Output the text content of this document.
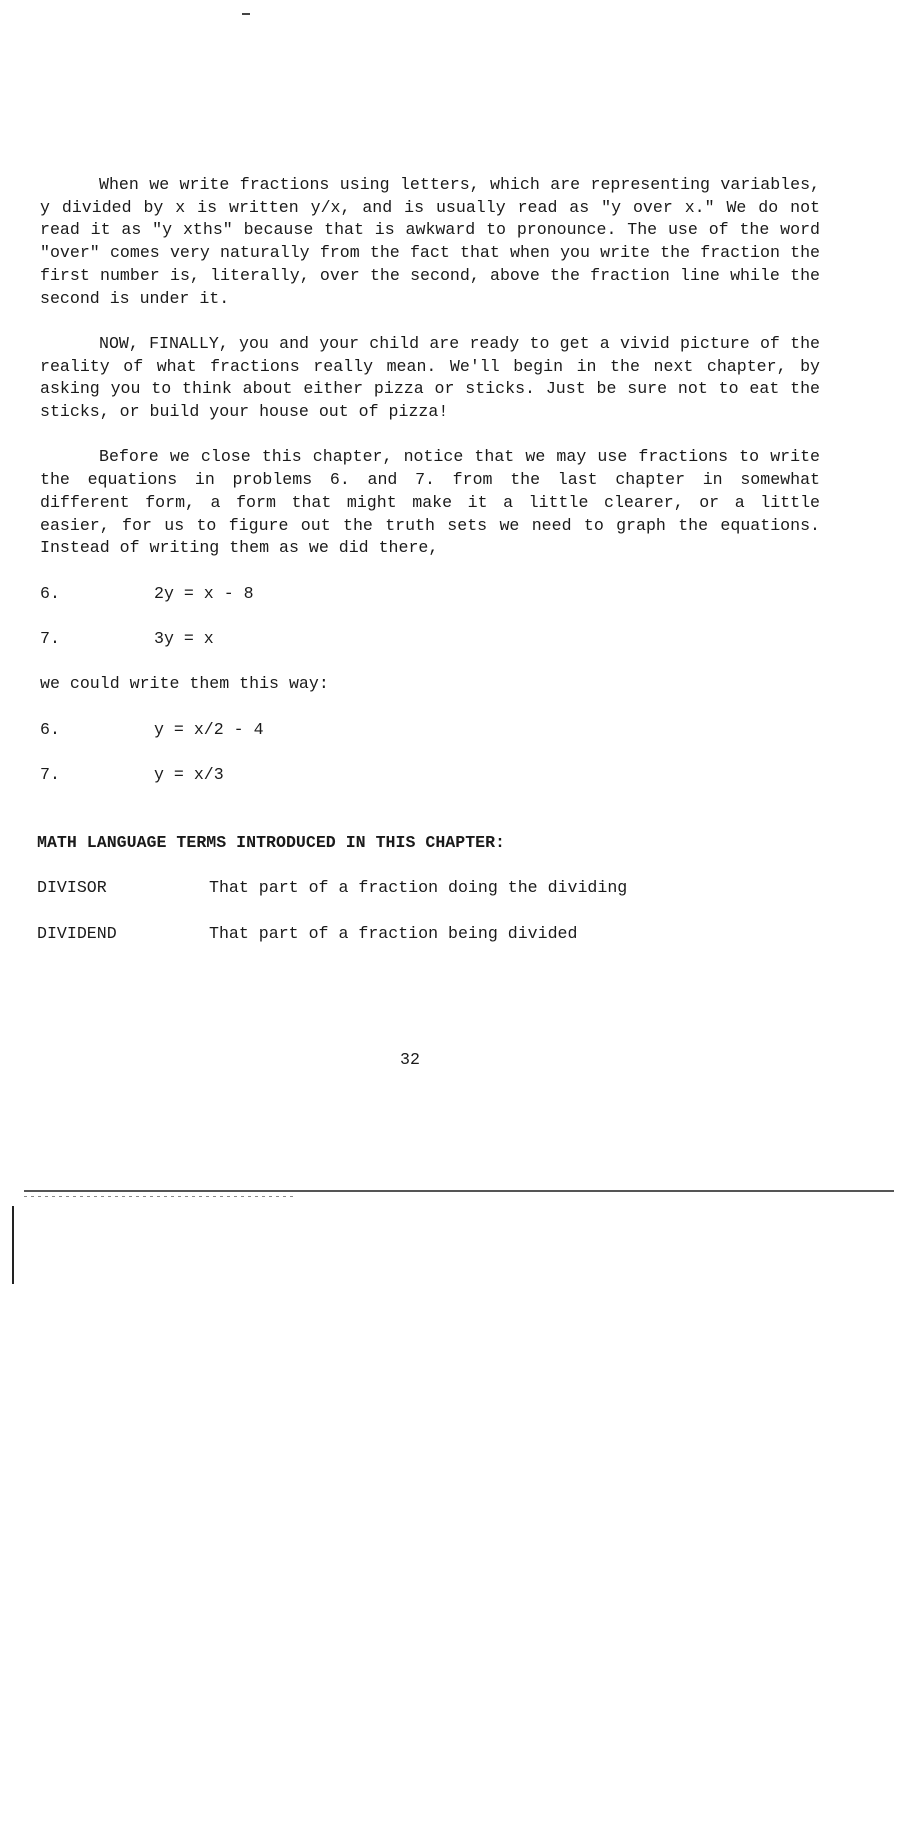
When we write fractions using letters, which are representing variables, y divided by x is written y/x, and is usually read as "y over x." We do not read it as "y xths" because that is awkward to pronounce. The use of the word "over" comes very naturally from the fact that when you write the fraction the first number is, literally, over the second, above the fraction line while the second is under it.

NOW, FINALLY, you and your child are ready to get a vivid picture of the reality of what fractions really mean. We'll begin in the next chapter, by asking you to think about either pizza or sticks. Just be sure not to eat the sticks, or build your house out of pizza!

Before we close this chapter, notice that we may use fractions to write the equations in problems 6. and 7. from the last chapter in somewhat different form, a form that might make it a little clearer, or a little easier, for us to figure out the truth sets we need to graph the equations. Instead of writing them as we did there,

6.	2y = x - 8
7.	3y = x
we could write them this way:
6.	y = x/2 - 4
7.	y = x/3
MATH LANGUAGE TERMS INTRODUCED IN THIS CHAPTER:
DIVISOR	That part of a fraction doing the dividing
DIVIDEND	That part of a fraction being divided
32
